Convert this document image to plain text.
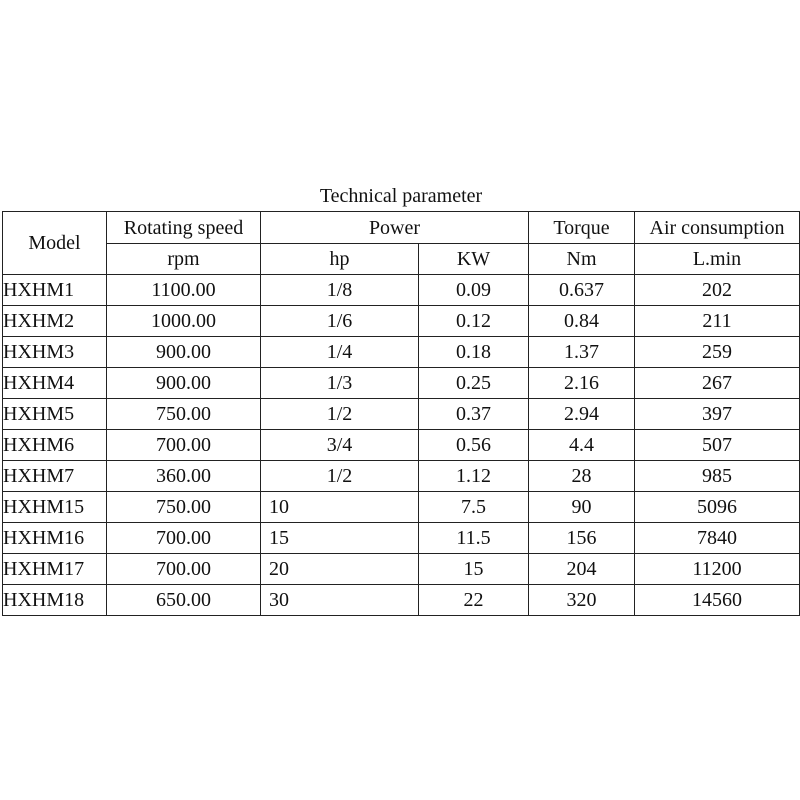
Technical parameter					
Model	Rotating speed	Power		Torque	Air consumption
	rpm	hp	KW	Nm	L.min
HXHM1	1100.00	1/8	0.09	0.637	202
HXHM2	1000.00	1/6	0.12	0.84	211
HXHM3	900.00	1/4	0.18	1.37	259
HXHM4	900.00	1/3	0.25	2.16	267
HXHM5	750.00	1/2	0.37	2.94	397
HXHM6	700.00	3/4	0.56	4.4	507
HXHM7	360.00	1/2	1.12	28	985
HXHM15	750.00	10	7.5	90	5096
HXHM16	700.00	15	11.5	156	7840
HXHM17	700.00	20	15	204	11200
HXHM18	650.00	30	22	320	14560
